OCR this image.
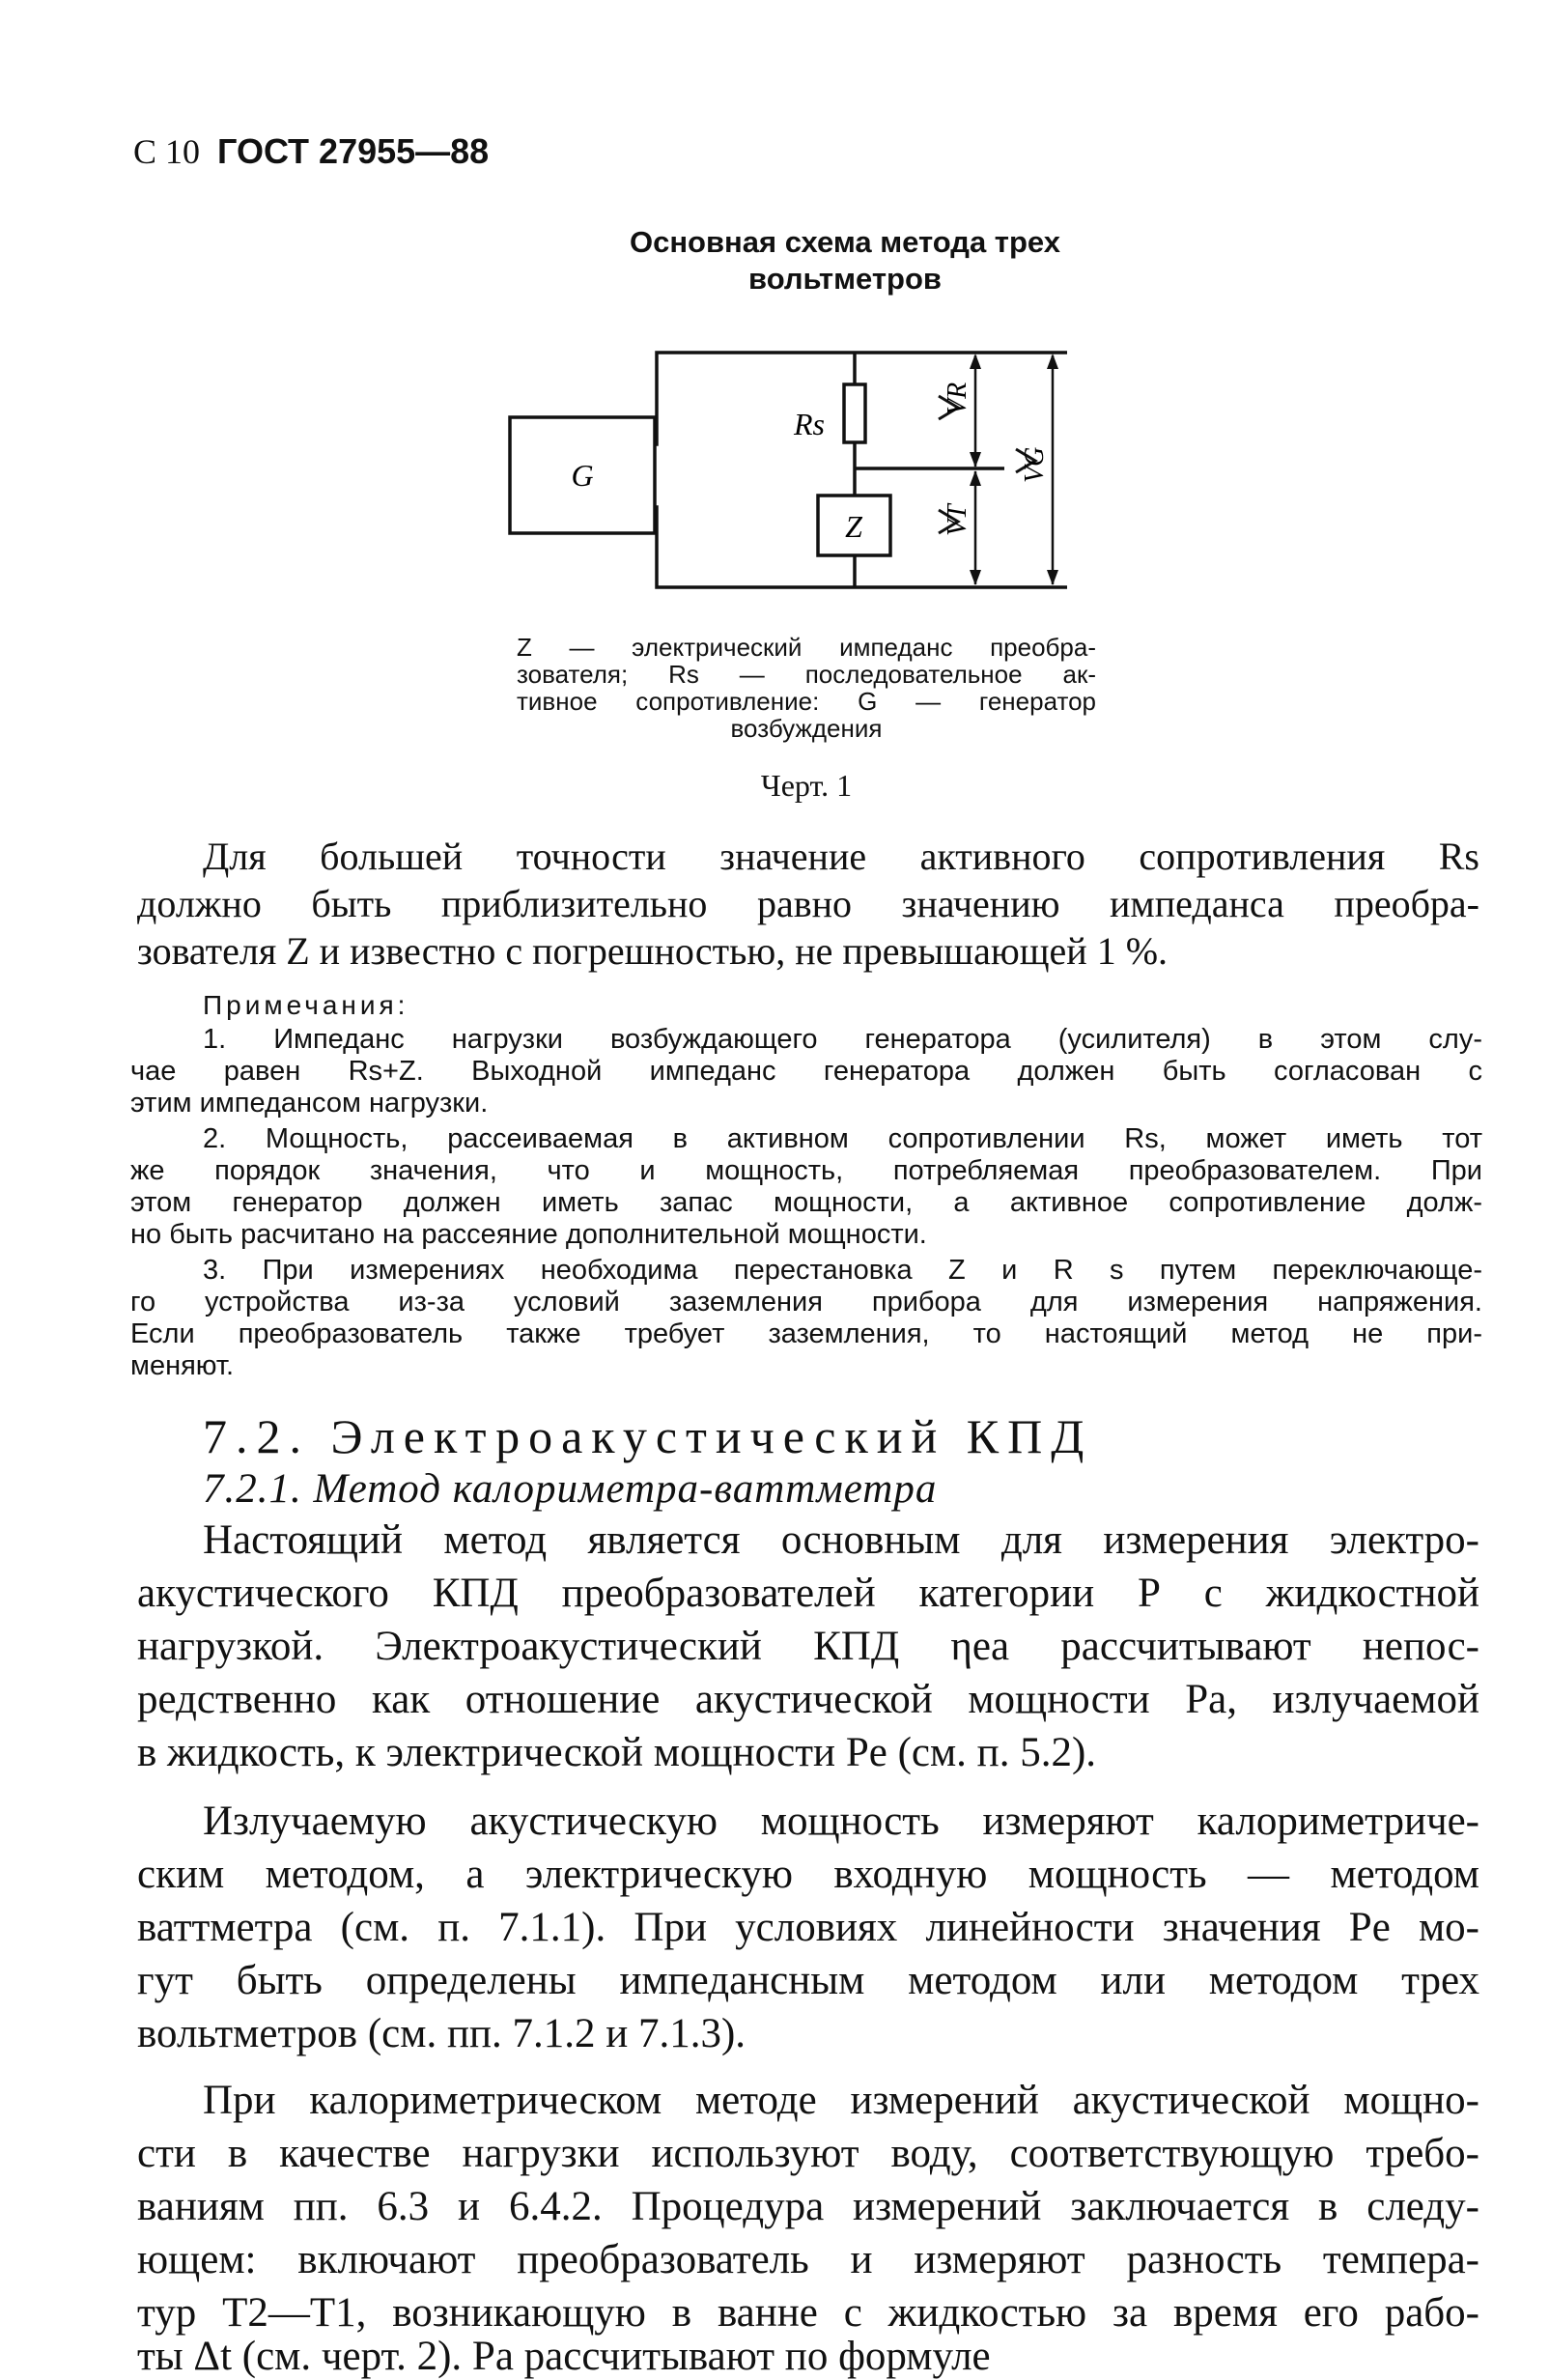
С 10 ГОСТ 27955—88
Основная схема метода трех
вольтметров
G
Z
Rs
VR
VT
VG
Z — электрический импеданс преобра-
зователя; Rs — последовательное ак-
тивное сопротивление: G — генератор
возбуждения
Черт. 1
Для большей точности значение активного сопротивления Rs
должно быть приблизительно равно значению импеданса преобра-
зователя Z и известно с погрешностью, не превышающей 1 %.
Примечания:
1. Импеданс нагрузки возбуждающего генератора (усилителя) в этом слу-
чае равен Rs+Z. Выходной импеданс генератора должен быть согласован с
этим импедансом нагрузки.
2. Мощность, рассеиваемая в активном сопротивлении Rs, может иметь тот
же порядок значения, что и мощность, потребляемая преобразователем. При
этом генератор должен иметь запас мощности, а активное сопротивление долж-
но быть расчитано на рассеяние дополнительной мощности.
3. При измерениях необходима перестановка Z и R s путем переключающе-
го устройства из-за условий заземления прибора для измерения напряжения.
Если преобразователь также требует заземления, то настоящий метод не при-
меняют.
7.2. Электроакустический КПД
7.2.1. Метод калориметра-ваттметра
Настоящий метод является основным для измерения электро-
акустического КПД преобразователей категории Р с жидкостной
нагрузкой. Электроакустический КПД ηea рассчитывают непос-
редственно как отношение акустической мощности Pa, излучаемой
в жидкость, к электрической мощности Pe (см. п. 5.2).
Излучаемую акустическую мощность измеряют калориметриче-
ским методом, а электрическую входную мощность — методом
ваттметра (см. п. 7.1.1). При условиях линейности значения Pe мо-
гут быть определены импедансным методом или методом трех
вольтметров (см. пп. 7.1.2 и 7.1.3).
При калориметрическом методе измерений акустической мощно-
сти в качестве нагрузки используют воду, соответствующую требо-
ваниям пп. 6.3 и 6.4.2. Процедура измерений заключается в следу-
ющем: включают преобразователь и измеряют разность темпера-
тур T2—T1, возникающую в ванне с жидкостью за время его рабо-
ты Δt (см. черт. 2). Pa рассчитывают по формуле
